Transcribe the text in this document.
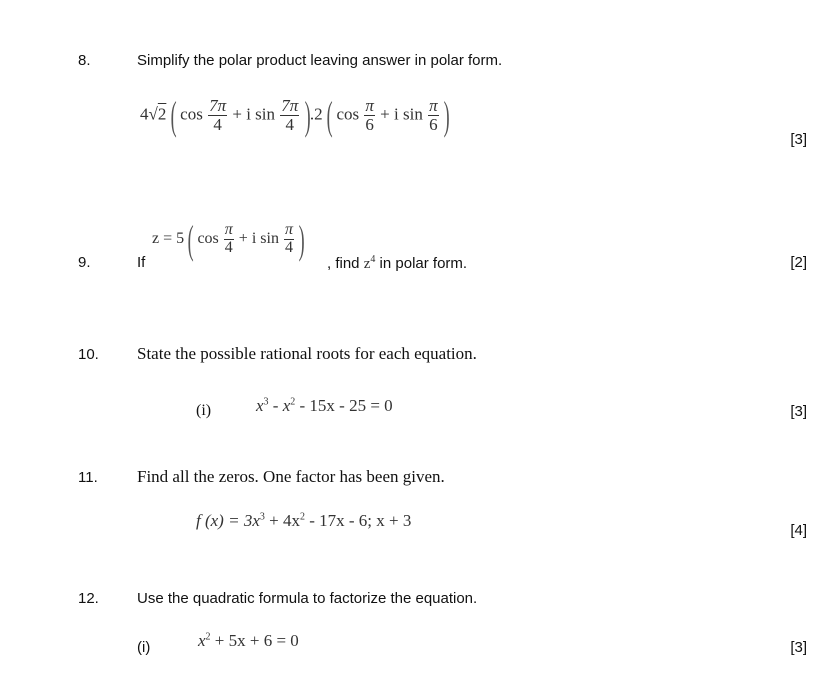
8.	Simplify the polar product leaving answer in polar form.
4√2 ( $\cos \frac{7\pi}{4} + i$ $\sin \frac{7\pi}{4} ).2$ ( $\cos \frac{\pi}{6} + i$ $\sin \frac{\pi}{6}$ )
[3]
9.	If
z = 5 ( $\cos \frac{\pi}{4} + i$ $\sin \frac{\pi}{4}$ )
, find $z^4$ in polar form.	[2]
10. State the possible rational roots for each equation.
(i)	$x^3 - x^2 - 15x - 25 = 0$	[3]
11. Find all the zeros. One factor has been given.
f $(x) = 3x^3 + 4x^2 - 17x - 6$; x + 3
[4]
12.	Use the quadratic formula to factorize the equation.
(i)	$x^2 + 5x + 6 = 0$	[3]
